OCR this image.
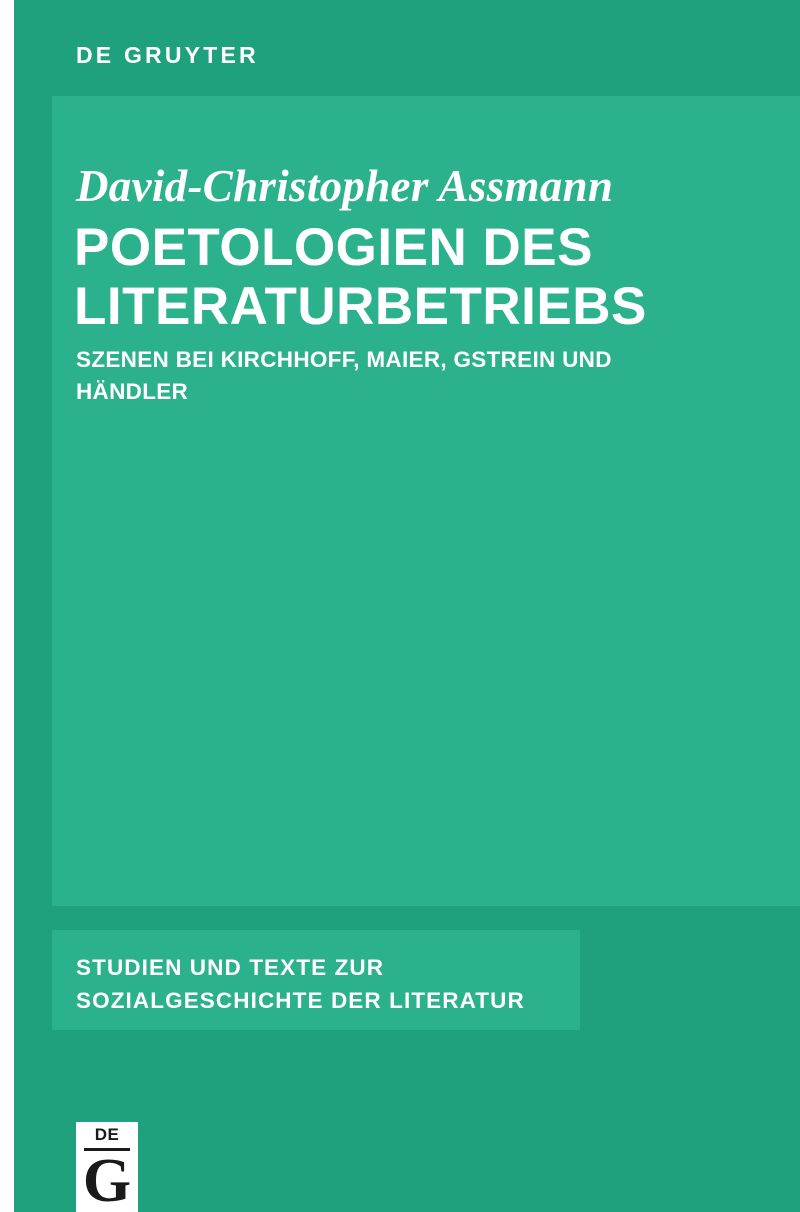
DE GRUYTER
David-Christopher Assmann
POETOLOGIEN DES LITERATURBETRIEBS
SZENEN BEI KIRCHHOFF, MAIER, GSTREIN UND HÄNDLER
STUDIEN UND TEXTE ZUR SOZIALGESCHICHTE DER LITERATUR
DE
G
